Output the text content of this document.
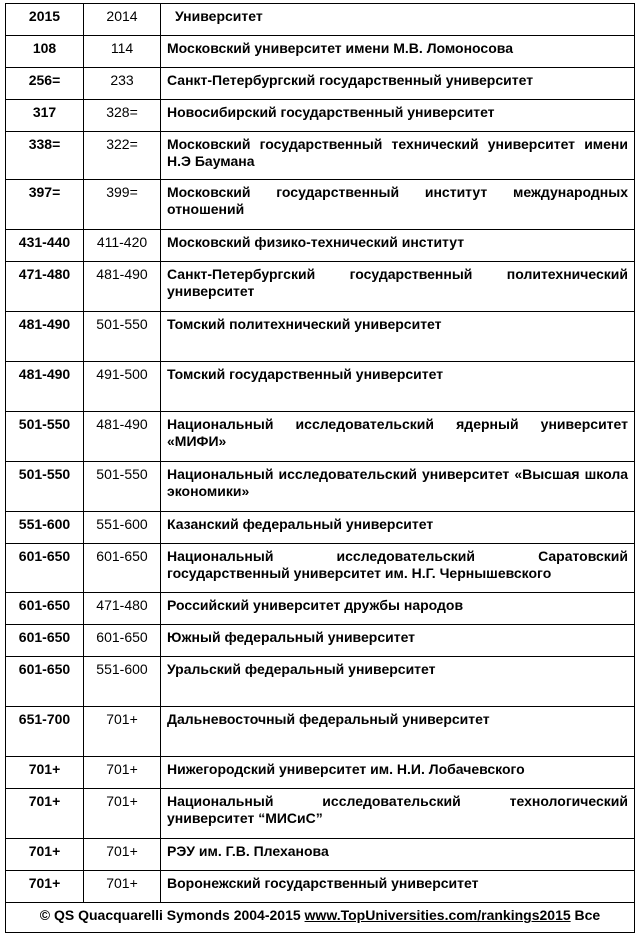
2015	2014	Университет
108	114	Московский университет имени М.В. Ломоносова
256=	233	Санкт-Петербургский государственный университет
317	328=	Новосибирский государственный университет
338=	322=	Московский государственный технический университет имени Н.Э Баумана
397=	399=	Московский государственный институт международных отношений
431-440	411-420	Московский физико-технический институт
471-480	481-490	Санкт-Петербургский государственный политехнический университет
481-490	501-550	Томский политехнический университет
481-490	491-500	Томский государственный университет
501-550	481-490	Национальный исследовательский ядерный университет «МИФИ»
501-550	501-550	Национальный исследовательский университет «Высшая школа экономики»
551-600	551-600	Казанский федеральный университет
601-650	601-650	Национальный исследовательский Саратовский государственный университет им. Н.Г. Чернышевского
601-650	471-480	Российский университет дружбы народов
601-650	601-650	Южный федеральный университет
601-650	551-600	Уральский федеральный университет
651-700	701+	Дальневосточный федеральный университет
701+	701+	Нижегородский университет им. Н.И. Лобачевского
701+	701+	Национальный исследовательский технологический университет “МИСиС”
701+	701+	РЭУ им. Г.В. Плеханова
701+	701+	Воронежский государственный университет
© QS Quacquarelli Symonds 2004-2015 www.TopUniversities.com/rankings2015 Все		
